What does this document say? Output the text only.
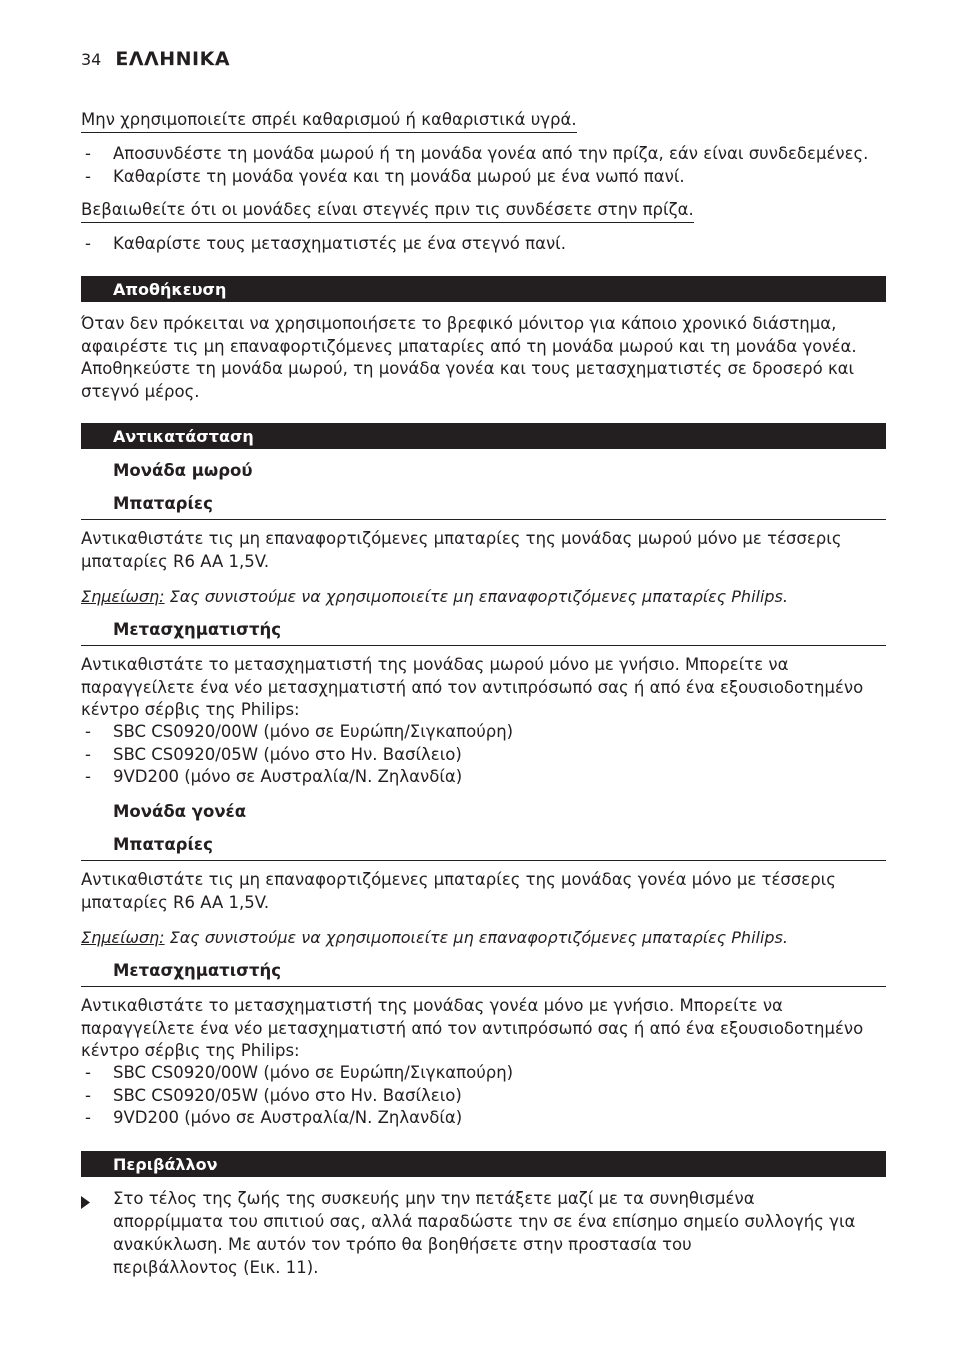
34 ΕΛΛΗΝΙΚΑ
Μην χρησιμοποιείτε σπρέι καθαρισμού ή καθαριστικά υγρά.
- Αποσυνδέστε τη μονάδα μωρού ή τη μονάδα γονέα από την πρίζα, εάν είναι συνδεδεμένες.
- Καθαρίστε τη μονάδα γονέα και τη μονάδα μωρού με ένα νωπό πανί.
Βεβαιωθείτε ότι οι μονάδες είναι στεγνές πριν τις συνδέσετε στην πρίζα.
- Καθαρίστε τους μετασχηματιστές με ένα στεγνό πανί.
Αποθήκευση
Όταν δεν πρόκειται να χρησιμοποιήσετε το βρεφικό μόνιτορ για κάποιο χρονικό διάστημα,
αφαιρέστε τις μη επαναφορτιζόμενες μπαταρίες από τη μονάδα μωρού και τη μονάδα γονέα.
Αποθηκεύστε τη μονάδα μωρού, τη μονάδα γονέα και τους μετασχηματιστές σε δροσερό και
στεγνό μέρος.
Αντικατάσταση
Μονάδα μωρού
Μπαταρίες
Αντικαθιστάτε τις μη επαναφορτιζόμενες μπαταρίες της μονάδας μωρού μόνο με τέσσερις
μπαταρίες R6 AA 1,5V.
Σημείωση: Σας συνιστούμε να χρησιμοποιείτε μη επαναφορτιζόμενες μπαταρίες Philips.
Μετασχηματιστής
Αντικαθιστάτε το μετασχηματιστή της μονάδας μωρού μόνο με γνήσιο. Μπορείτε να
παραγγείλετε ένα νέο μετασχηματιστή από τον αντιπρόσωπό σας ή από ένα εξουσιοδοτημένο
κέντρο σέρβις της Philips:
- SBC CS0920/00W (μόνο σε Ευρώπη/Σιγκαπούρη)
- SBC CS0920/05W (μόνο στο Ην. Βασίλειο)
- 9VD200 (μόνο σε Αυστραλία/Ν. Ζηλανδία)
Μονάδα γονέα
Μπαταρίες
Αντικαθιστάτε τις μη επαναφορτιζόμενες μπαταρίες της μονάδας γονέα μόνο με τέσσερις
μπαταρίες R6 AA 1,5V.
Σημείωση: Σας συνιστούμε να χρησιμοποιείτε μη επαναφορτιζόμενες μπαταρίες Philips.
Μετασχηματιστής
Αντικαθιστάτε το μετασχηματιστή της μονάδας γονέα μόνο με γνήσιο. Μπορείτε να
παραγγείλετε ένα νέο μετασχηματιστή από τον αντιπρόσωπό σας ή από ένα εξουσιοδοτημένο
κέντρο σέρβις της Philips:
- SBC CS0920/00W (μόνο σε Ευρώπη/Σιγκαπούρη)
- SBC CS0920/05W (μόνο στο Ην. Βασίλειο)
- 9VD200 (μόνο σε Αυστραλία/Ν. Ζηλανδία)
Περιβάλλον
Στο τέλος της ζωής της συσκευής μην την πετάξετε μαζί με τα συνηθισμένα
απορρίμματα του σπιτιού σας, αλλά παραδώστε την σε ένα επίσημο σημείο συλλογής για
ανακύκλωση. Με αυτόν τον τρόπο θα βοηθήσετε στην προστασία του
περιβάλλοντος (Εικ. 11).
